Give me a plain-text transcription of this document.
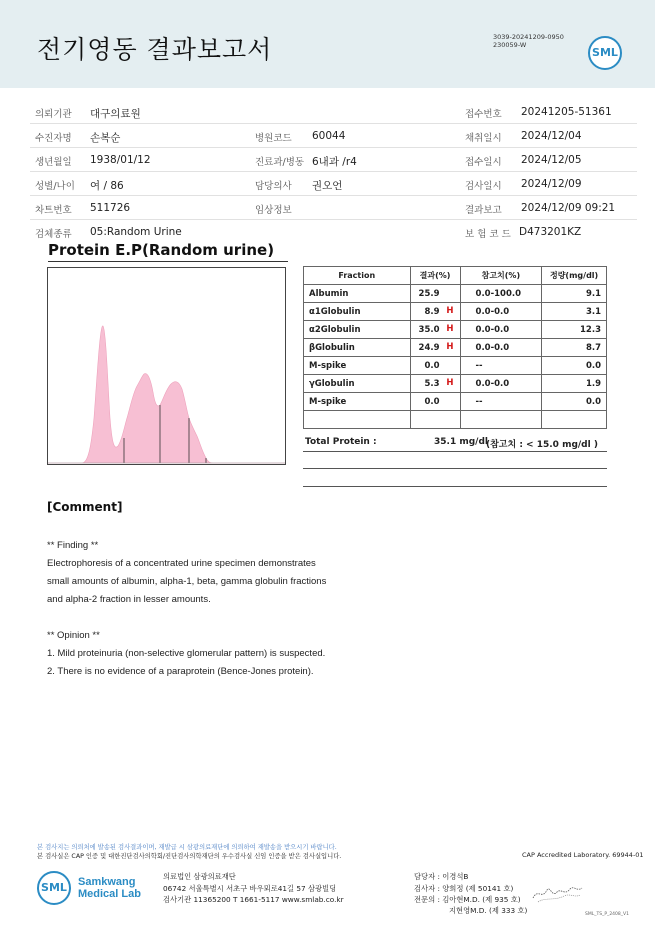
전기영동 결과보고서	3039-20241209-0950
230059-W
SML
의뢰기관 대구의료원	접수번호 20241205-51361
수진자명 손복순	병원코드 60044	채취일시 2024/12/04
생년월일 1938/01/12	진료과/병동 6내과 /r4	접수일시 2024/12/05
성별/나이 여 / 86	담당의사 권오언	검사일시 2024/12/09
차트번호 511726	임상정보	결과보고 2024/12/09 09:21
검체종류 05:Random Urine	보 험 코 드 D473201KZ
Protein E.P(Random urine)
Fraction	결과(%)	참고치(%)	정량(mg/dl)
Albumin	25.9	0.0-100.0	9.1
α1Globulin	8.9 H	0.0-0.0	3.1
α2Globulin	35.0 H	0.0-0.0	12.3
βGlobulin	24.9 H	0.0-0.0	8.7
M-spike	0.0	--	0.0
γGlobulin	5.3 H	0.0-0.0	1.9
M-spike	0.0	--	0.0

Total Protein :	35.1 mg/dl
(참고치 : < 15.0 mg/dl )
[Comment]
** Finding **
Electrophoresis of a concentrated urine specimen demonstrates
small amounts of albumin, alpha-1, beta, gamma globulin fractions
and alpha-2 fraction in lesser amounts.
** Opinion **
1. Mild proteinuria (non-selective glomerular pattern) is suspected.
2. There is no evidence of a paraprotein (Bence-Jones protein).
본 검사지는 의뢰처에 발송된 검사결과이며, 재발급 시 삼광의료재단에 의뢰하여 재발송을 받으시기 바랍니다.
본 검사실은 CAP 인증 및 대한진단검사의학회/진단검사의학재단의 우수검사실 신임 인증을 받은 검사실입니다.	CAP Accredited Laboratory. 69944-01
SML Samkwang
Medical Lab
의료법인 삼광의료재단
06742 서울특별시 서초구 바우뫼로41길 57 삼광빌딩
검사기관 11365200 T 1661-5117 www.smlab.co.kr
담당자 : 이경석B
검사자 : 양희정 (제 50141 호)
전문의 : 김아현M.D. (제 935 호)
지현영M.D. (제 333 호)	SML_TS_P_2408_V1
